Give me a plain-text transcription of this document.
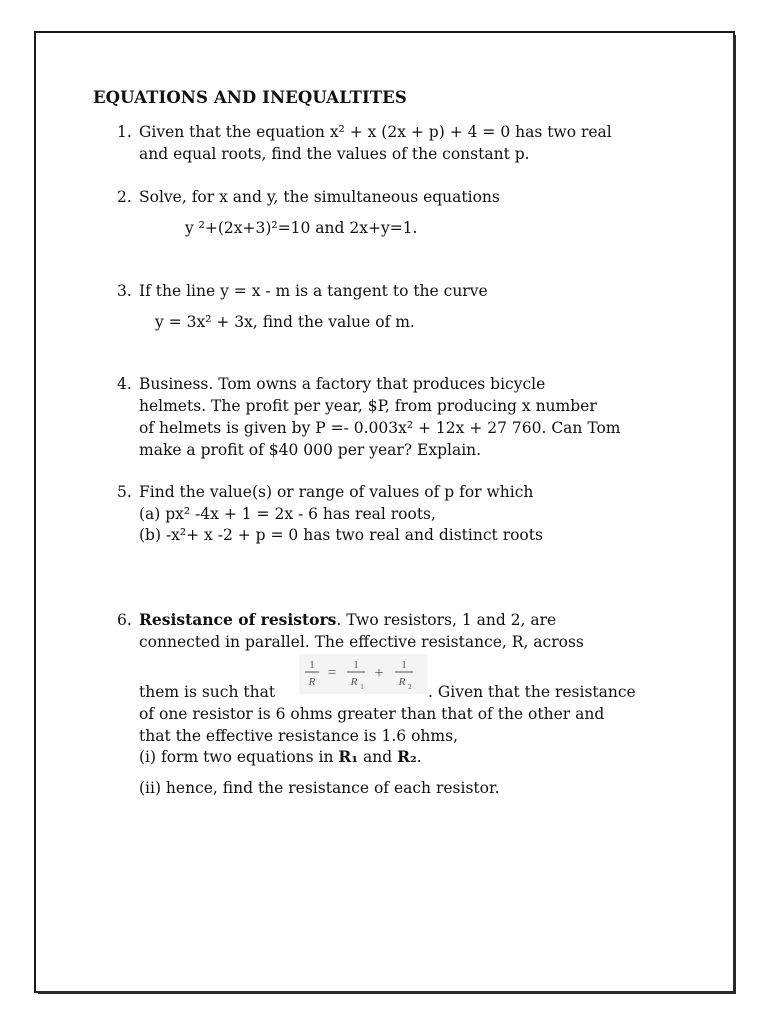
EQUATIONS AND INEQUALTITES
1. Given that the equation x² + x (2x + p) + 4 = 0 has two real
and equal roots, find the values of the constant p.
2. Solve, for x and y, the simultaneous equations
y ²+(2x+3)²=10 and 2x+y=1.
3. If the line y = x - m is a tangent to the curve
y = 3x² + 3x, find the value of m.
4. Business. Tom owns a factory that produces bicycle
helmets. The profit per year, $P, from producing x number
of helmets is given by P =- 0.003x² + 12x + 27 760. Can Tom
make a profit of $40 000 per year? Explain.
5. Find the value(s) or range of values of p for which
(a) px² -4x + 1 = 2x - 6 has real roots,
(b) -x²+ x -2 + p = 0 has two real and distinct roots
6. Resistance of resistors. Two resistors, 1 and 2, are
connected in parallel. The effective resistance, R, across
1
R
= 1
R 1
+ 1
R 2
them is such that	. Given that the resistance
of one resistor is 6 ohms greater than that of the other and
that the effective resistance is 1.6 ohms,
(i) form two equations in R₁ and R₂.
(ii) hence, find the resistance of each resistor.
